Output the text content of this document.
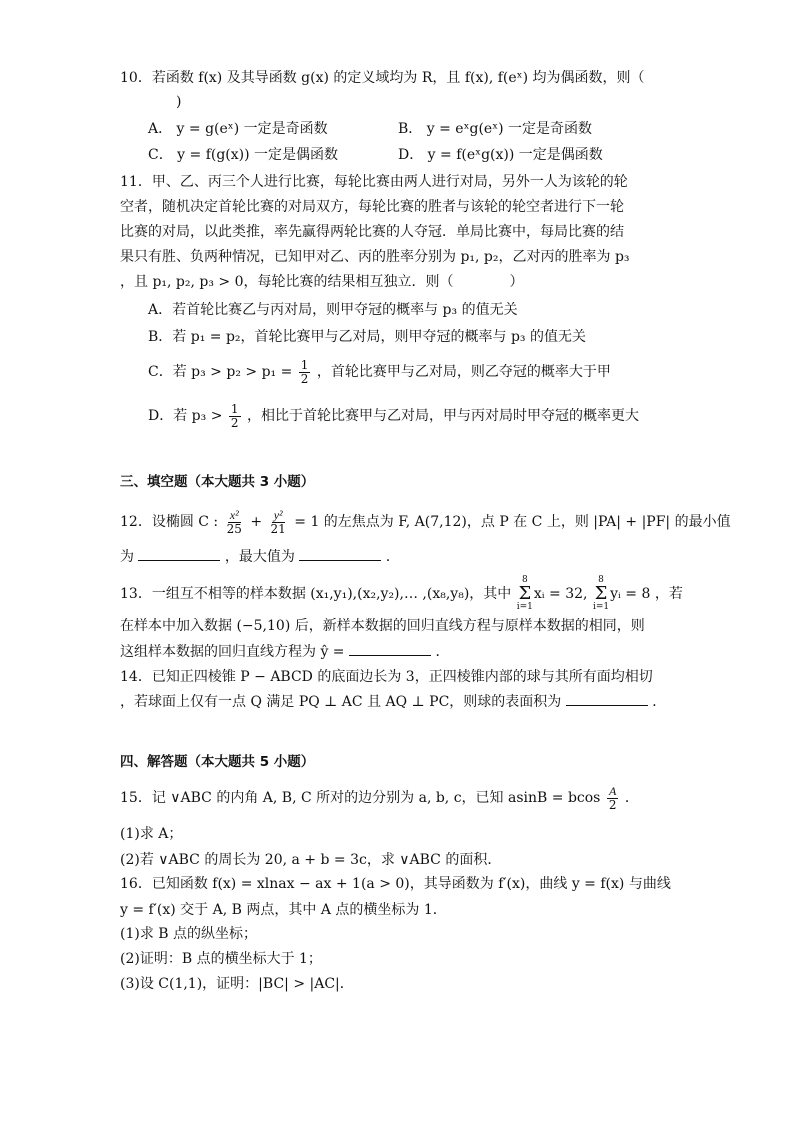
10．若函数 f(x) 及其导函数 g(x) 的定义域均为 R，且 f(x), f(eˣ) 均为偶函数，则（
)
A． y = g(eˣ) 一定是奇函数	B． y = eˣg(eˣ) 一定是奇函数
C． y = f(g(x)) 一定是偶函数	D． y = f(eˣg(x)) 一定是偶函数
11．甲、乙、丙三个人进行比赛，每轮比赛由两人进行对局，另外一人为该轮的轮
空者，随机决定首轮比赛的对局双方，每轮比赛的胜者与该轮的轮空者进行下一轮
比赛的对局，以此类推，率先赢得两轮比赛的人夺冠．单局比赛中，每局比赛的结
果只有胜、负两种情况，已知甲对乙、丙的胜率分别为 p₁, p₂，乙对丙的胜率为 p₃
，且 p₁, p₂, p₃ > 0，每轮比赛的结果相互独立．则（　　　　）
A．若首轮比赛乙与丙对局，则甲夺冠的概率与 p₃ 的值无关
B．若 p₁ = p₂，首轮比赛甲与乙对局，则甲夺冠的概率与 p₃ 的值无关
C．若 $p_3 > p_2 > p_1 = \frac{1}{2}$ ，首轮比赛甲与乙对局，则乙夺冠的概率大于甲
D．若 $p_3 > \frac{1}{2}$ ，相比于首轮比赛甲与乙对局，甲与丙对局时甲夺冠的概率更大
三、填空题（本大题共 3 小题）
12．设椭圆 C : $\frac{\text{x²}}{25} + \frac{\text{y²}}{21} = 1$ 的左焦点为 F, A(7,12)，点 P 在 C 上，则 |PA| + |PF| 的最小值
为	，最大值为	．
13．一组互不相等的样本数据 (x₁,y₁),(x₂,y₂),… ,(x₈,y₈)，其中
8
Σ
i=1
xᵢ = 32,
8
Σ
i=1
yᵢ = 8 ，若
在样本中加入数据 (−5,10) 后，新样本数据的回归直线方程与原样本数据的相同，则
这组样本数据的回归直线方程为 ŷ =	．
14．已知正四棱锥 P − ABCD 的底面边长为 3，正四棱锥内部的球与其所有面均相切
，若球面上仅有一点 Q 满足 PQ ⊥ AC 且 AQ ⊥ PC，则球的表面积为	．
四、解答题（本大题共 5 小题）
15．记 ∨ABC 的内角 A, B, C 所对的边分别为 a, b, c，已知 asinB = bcos $\frac{A}{2}$ ．
(1)求 A；
(2)若 ∨ABC 的周长为 20, a + b = 3c，求 ∨ABC 的面积．
16．已知函数 f(x) = xlnax − ax + 1(a > 0)，其导函数为 f′(x)，曲线 y = f(x) 与曲线
y = f′(x) 交于 A, B 两点，其中 A 点的横坐标为 1．
(1)求 B 点的纵坐标；
(2)证明：B 点的横坐标大于 1；
(3)设 C(1,1)，证明：|BC| > |AC|．
